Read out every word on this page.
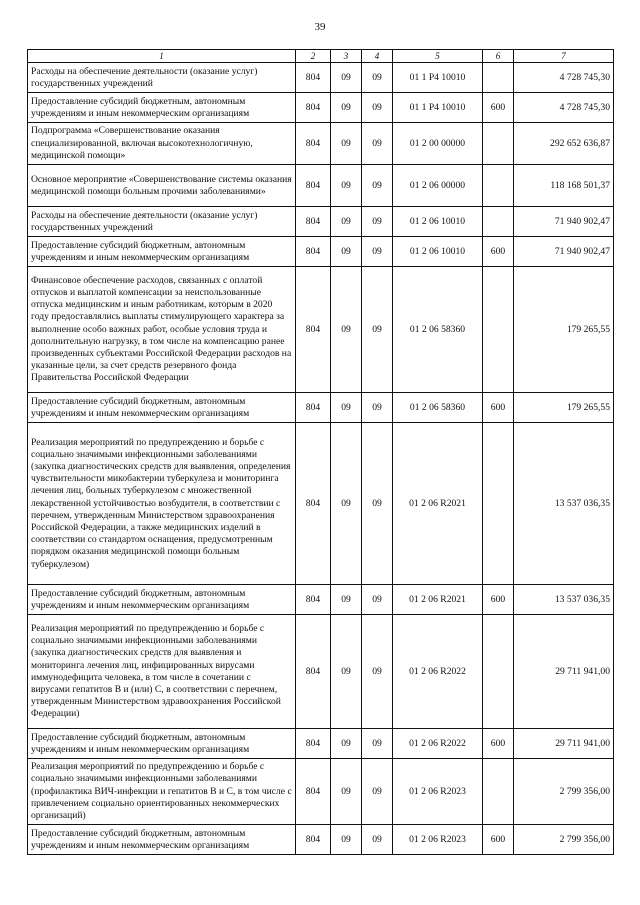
39
1	2	3	4	5	6	7
Расходы на обеспечение деятельности (оказание услуг) государственных учреждений	804	09	09	01 1 Р4 10010		4 728 745,30
Предоставление субсидий бюджетным, автономным учреждениям и иным некоммерческим организациям	804	09	09	01 1 Р4 10010	600	4 728 745,30
Подпрограмма «Совершенствование оказания специализированной, включая высокотехнологичную, медицинской помощи»	804	09	09	01 2 00 00000		292 652 636,87
Основное мероприятие «Совершенствование системы оказания медицинской помощи больным прочими заболеваниями»	804	09	09	01 2 06 00000		118 168 501,37
Расходы на обеспечение деятельности (оказание услуг) государственных учреждений	804	09	09	01 2 06 10010		71 940 902,47
Предоставление субсидий бюджетным, автономным учреждениям и иным некоммерческим организациям	804	09	09	01 2 06 10010	600	71 940 902,47
Финансовое обеспечение расходов, связанных с оплатой отпусков и выплатой компенсации за неиспользованные отпуска медицинским и иным работникам, которым в 2020 году предоставлялись выплаты стимулирующего характера за выполнение особо важных работ, особые условия труда и дополнительную нагрузку, в том числе на компенсацию ранее произведенных субъектами Российской Федерации расходов на указанные цели, за счет средств резервного фонда Правительства Российской Федерации	804	09	09	01 2 06 58360		179 265,55
Предоставление субсидий бюджетным, автономным учреждениям и иным некоммерческим организациям	804	09	09	01 2 06 58360	600	179 265,55
Реализация мероприятий по предупреждению и борьбе с социально значимыми инфекционными заболеваниями (закупка диагностических средств для выявления, определения чувствительности микобактерии туберкулеза и мониторинга лечения лиц, больных туберкулезом с множественной лекарственной устойчивостью возбудителя, в соответствии с перечнем, утвержденным Министерством здравоохранения Российской Федерации, а также медицинских изделий в соответствии со стандартом оснащения, предусмотренным порядком оказания медицинской помощи больным туберкулезом)	804	09	09	01 2 06 R2021		13 537 036,35
Предоставление субсидий бюджетным, автономным учреждениям и иным некоммерческим организациям	804	09	09	01 2 06 R2021	600	13 537 036,35
Реализация мероприятий по предупреждению и борьбе с социально значимыми инфекционными заболеваниями (закупка диагностических средств для выявления и мониторинга лечения лиц, инфицированных вирусами иммунодефицита человека, в том числе в сочетании с вирусами гепатитов В и (или) С, в соответствии с перечнем, утвержденным Министерством здравоохранения Российской Федерации)	804	09	09	01 2 06 R2022		29 711 941,00
Предоставление субсидий бюджетным, автономным учреждениям и иным некоммерческим организациям	804	09	09	01 2 06 R2022	600	29 711 941,00
Реализация мероприятий по предупреждению и борьбе с социально значимыми инфекционными заболеваниями (профилактика ВИЧ-инфекции и гепатитов В и С, в том числе с привлечением социально ориентированных некоммерческих организаций)	804	09	09	01 2 06 R2023		2 799 356,00
Предоставление субсидий бюджетным, автономным учреждениям и иным некоммерческим организациям	804	09	09	01 2 06 R2023	600	2 799 356,00
